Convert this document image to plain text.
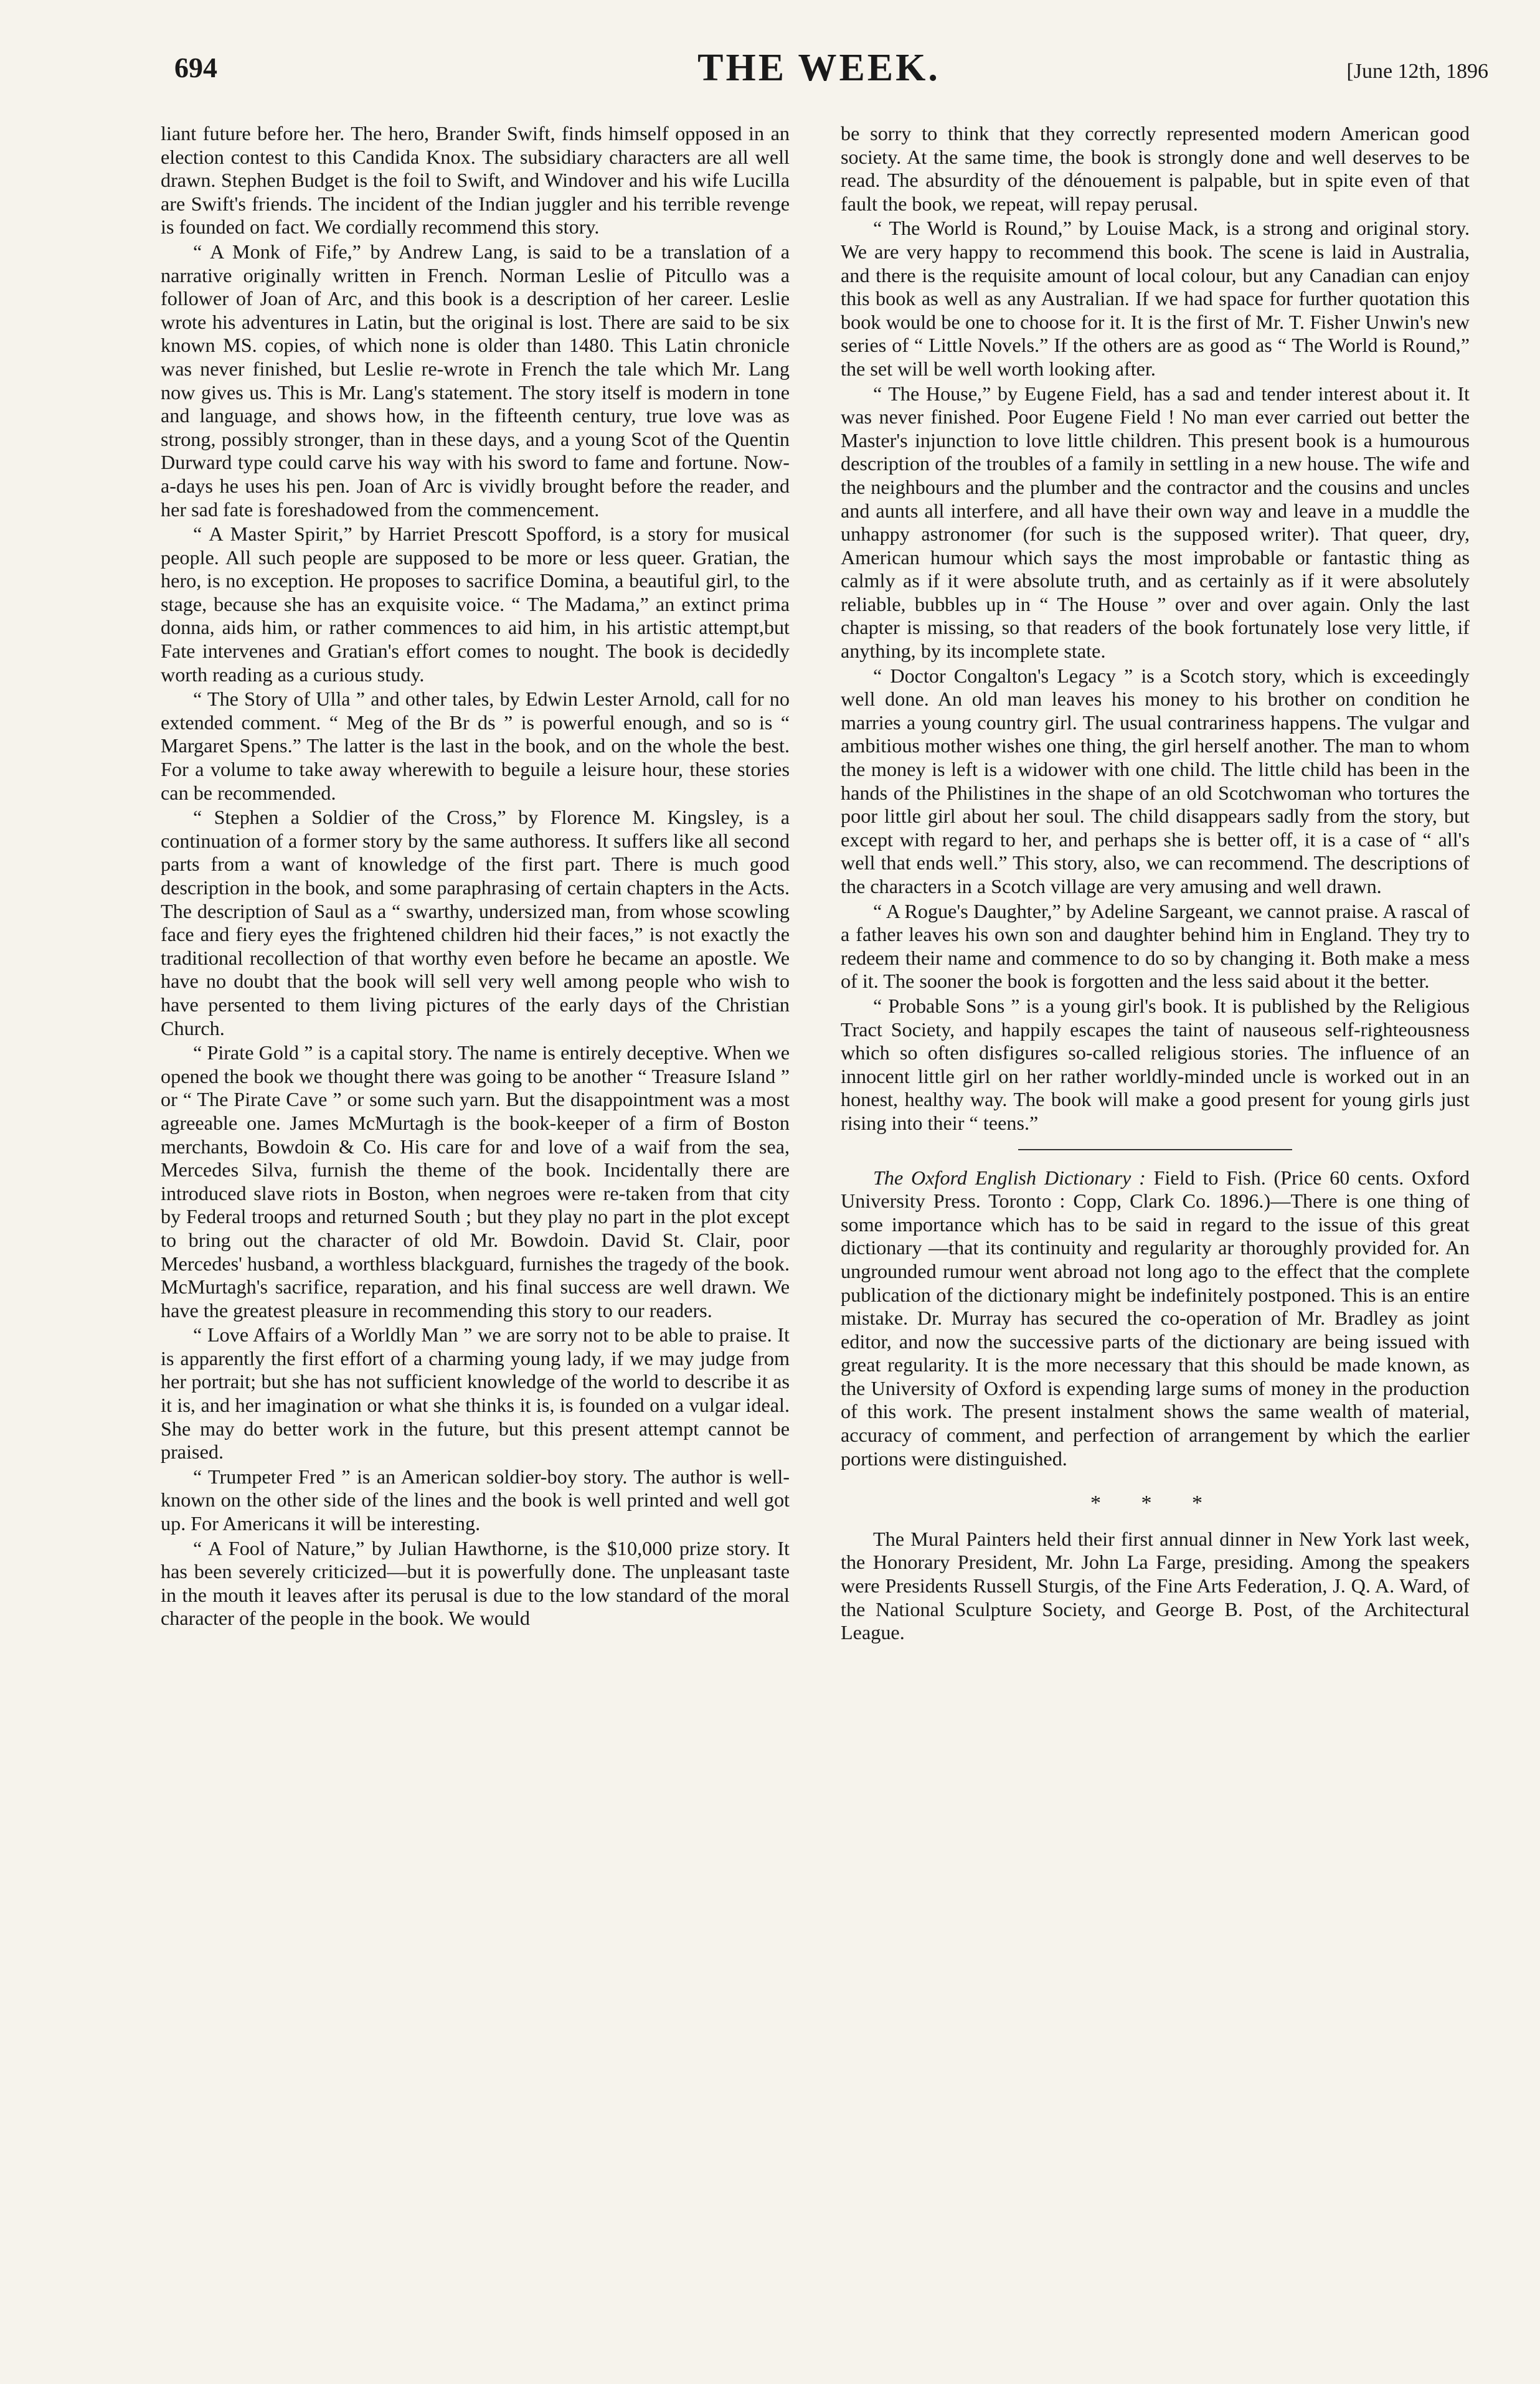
694	THE WEEK.	[June 12th, 1896

liant future before her. The hero, Brander Swift, finds himself opposed in an election contest to this Candida Knox. The subsidiary characters are all well drawn. Stephen Budget is the foil to Swift, and Windover and his wife Lucilla are Swift's friends. The incident of the Indian juggler and his terrible revenge is founded on fact. We cordially recommend this story.

“ A Monk of Fife,” by Andrew Lang, is said to be a translation of a narrative originally written in French. Norman Leslie of Pitcullo was a follower of Joan of Arc, and this book is a description of her career. Leslie wrote his adventures in Latin, but the original is lost. There are said to be six known MS. copies, of which none is older than 1480. This Latin chronicle was never finished, but Leslie re-wrote in French the tale which Mr. Lang now gives us. This is Mr. Lang's statement. The story itself is modern in tone and language, and shows how, in the fifteenth century, true love was as strong, possibly stronger, than in these days, and a young Scot of the Quentin Durward type could carve his way with his sword to fame and fortune. Now-a-days he uses his pen. Joan of Arc is vividly brought before the reader, and her sad fate is foreshadowed from the commencement.

“ A Master Spirit,” by Harriet Prescott Spofford, is a story for musical people. All such people are supposed to be more or less queer. Gratian, the hero, is no exception. He proposes to sacrifice Domina, a beautiful girl, to the stage, because she has an exquisite voice. “ The Madama,” an extinct prima donna, aids him, or rather commences to aid him, in his artistic attempt,but Fate intervenes and Gratian's effort comes to nought. The book is decidedly worth reading as a curious study.

“ The Story of Ulla ” and other tales, by Edwin Lester Arnold, call for no extended comment. “ Meg of the Br ds ” is powerful enough, and so is “ Margaret Spens.” The latter is the last in the book, and on the whole the best. For a volume to take away wherewith to beguile a leisure hour, these stories can be recommended.

“ Stephen a Soldier of the Cross,” by Florence M. Kingsley, is a continuation of a former story by the same authoress. It suffers like all second parts from a want of knowledge of the first part. There is much good description in the book, and some paraphrasing of certain chapters in the Acts. The description of Saul as a “ swarthy, undersized man, from whose scowling face and fiery eyes the frightened children hid their faces,” is not exactly the traditional recollection of that worthy even before he became an apostle. We have no doubt that the book will sell very well among people who wish to have persented to them living pictures of the early days of the Christian Church.

“ Pirate Gold ” is a capital story. The name is entirely deceptive. When we opened the book we thought there was going to be another “ Treasure Island ” or “ The Pirate Cave ” or some such yarn. But the disappointment was a most agreeable one. James McMurtagh is the book-keeper of a firm of Boston merchants, Bowdoin & Co. His care for and love of a waif from the sea, Mercedes Silva, furnish the theme of the book. Incidentally there are introduced slave riots in Boston, when negroes were re-taken from that city by Federal troops and returned South ; but they play no part in the plot except to bring out the character of old Mr. Bowdoin. David St. Clair, poor Mercedes' husband, a worthless blackguard, furnishes the tragedy of the book. McMurtagh's sacrifice, reparation, and his final success are well drawn. We have the greatest pleasure in recommending this story to our readers.

“ Love Affairs of a Worldly Man ” we are sorry not to be able to praise. It is apparently the first effort of a charming young lady, if we may judge from her portrait; but she has not sufficient knowledge of the world to describe it as it is, and her imagination or what she thinks it is, is founded on a vulgar ideal. She may do better work in the future, but this present attempt cannot be praised.

“ Trumpeter Fred ” is an American soldier-boy story. The author is well-known on the other side of the lines and the book is well printed and well got up. For Americans it will be interesting.

“ A Fool of Nature,” by Julian Hawthorne, is the $10,000 prize story. It has been severely criticized—but it is powerfully done. The unpleasant taste in the mouth it leaves after its perusal is due to the low standard of the moral character of the people in the book. We would

be sorry to think that they correctly represented modern American good society. At the same time, the book is strongly done and well deserves to be read. The absurdity of the dénouement is palpable, but in spite even of that fault the book, we repeat, will repay perusal.

“ The World is Round,” by Louise Mack, is a strong and original story. We are very happy to recommend this book. The scene is laid in Australia, and there is the requisite amount of local colour, but any Canadian can enjoy this book as well as any Australian. If we had space for further quotation this book would be one to choose for it. It is the first of Mr. T. Fisher Unwin's new series of “ Little Novels.” If the others are as good as “ The World is Round,” the set will be well worth looking after.

“ The House,” by Eugene Field, has a sad and tender interest about it. It was never finished. Poor Eugene Field ! No man ever carried out better the Master's injunction to love little children. This present book is a humourous description of the troubles of a family in settling in a new house. The wife and the neighbours and the plumber and the contractor and the cousins and uncles and aunts all interfere, and all have their own way and leave in a muddle the unhappy astronomer (for such is the supposed writer). That queer, dry, American humour which says the most improbable or fantastic thing as calmly as if it were absolute truth, and as certainly as if it were absolutely reliable, bubbles up in “ The House ” over and over again. Only the last chapter is missing, so that readers of the book fortunately lose very little, if anything, by its incomplete state.

“ Doctor Congalton's Legacy ” is a Scotch story, which is exceedingly well done. An old man leaves his money to his brother on condition he marries a young country girl. The usual contrariness happens. The vulgar and ambitious mother wishes one thing, the girl herself another. The man to whom the money is left is a widower with one child. The little child has been in the hands of the Philistines in the shape of an old Scotchwoman who tortures the poor little girl about her soul. The child disappears sadly from the story, but except with regard to her, and perhaps she is better off, it is a case of “ all's well that ends well.” This story, also, we can recommend. The descriptions of the characters in a Scotch village are very amusing and well drawn.

“ A Rogue's Daughter,” by Adeline Sargeant, we cannot praise. A rascal of a father leaves his own son and daughter behind him in England. They try to redeem their name and commence to do so by changing it. Both make a mess of it. The sooner the book is forgotten and the less said about it the better.

“ Probable Sons ” is a young girl's book. It is published by the Religious Tract Society, and happily escapes the taint of nauseous self-righteousness which so often disfigures so-called religious stories. The influence of an innocent little girl on her rather worldly-minded uncle is worked out in an honest, healthy way. The book will make a good present for young girls just rising into their “ teens.”

The Oxford English Dictionary : Field to Fish. (Price 60 cents. Oxford University Press. Toronto : Copp, Clark Co. 1896.)—There is one thing of some importance which has to be said in regard to the issue of this great dictionary —that its continuity and regularity ar thoroughly provided for. An ungrounded rumour went abroad not long ago to the effect that the complete publication of the dictionary might be indefinitely postponed. This is an entire mistake. Dr. Murray has secured the co-operation of Mr. Bradley as joint editor, and now the successive parts of the dictionary are being issued with great regularity. It is the more necessary that this should be made known, as the University of Oxford is expending large sums of money in the production of this work. The present instalment shows the same wealth of material, accuracy of comment, and perfection of arrangement by which the earlier portions were distinguished.

* * *

The Mural Painters held their first annual dinner in New York last week, the Honorary President, Mr. John La Farge, presiding. Among the speakers were Presidents Russell Sturgis, of the Fine Arts Federation, J. Q. A. Ward, of the National Sculpture Society, and George B. Post, of the Architectural League.
